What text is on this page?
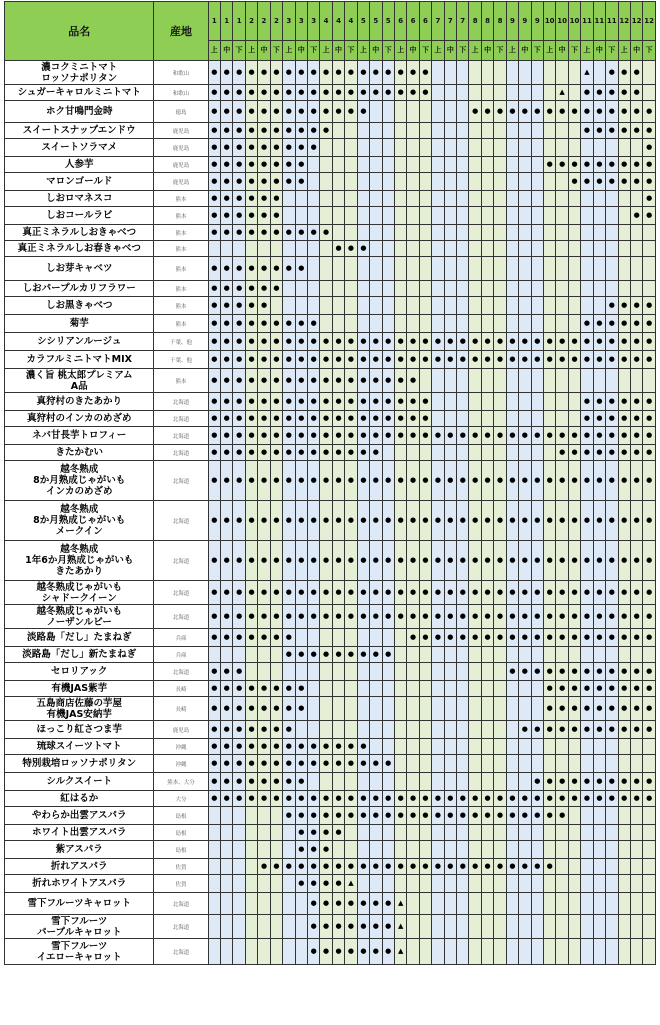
品名	産地	1	1	1	2	2	2	3	3	3	4	4	4	5	5	5	6	6	6	7	7	7	8	8	8	9	9	9	10	10	10	11	11	11	12	12	12
		上	中	下	上	中	下	上	中	下	上	中	下	上	中	下	上	中	下	上	中	下	上	中	下	上	中	下	上	中	下	上	中	下	上	中	下
濃コクミニトマト
ロッソナポリタン	和歌山	●	●	●	●	●	●	●	●	●	●	●	●	●	●	●	●	●	●													▲		●	●	●	
シュガーキャロルミニトマト	和歌山	●	●	●	●	●	●	●	●	●	●	●	●	●	●	●	●	●	●											▲		●	●	●	●	●	
ホク甘鳴門金時	徳島	●	●	●	●	●	●	●	●	●	●	●	●	●									●	●	●	●	●	●	●	●	●	●	●	●	●	●	●
スイートスナップエンドウ	鹿児島	●	●	●	●	●	●	●	●	●	●																					●	●	●	●	●	●
スイートソラマメ	鹿児島	●	●	●	●	●	●	●	●	●																											●
人参芋	鹿児島	●	●	●	●	●	●	●	●																				●	●	●	●	●	●	●	●	●
マロンゴールド	鹿児島	●	●	●	●	●	●	●	●																						●	●	●	●	●	●	●
しおロマネスコ	熊本	●	●	●	●	●	●																														●
しおコールラビ	熊本	●	●	●	●	●	●																													●	●
真正ミネラルしおきゃべつ	熊本	●	●	●	●	●	●	●	●	●	●																										
真正ミネラルしお春きゃべつ	熊本											●	●	●																							
しお芽キャベツ	熊本	●	●	●	●	●	●	●	●																												
しおパープルカリフラワー	熊本	●	●	●	●	●	●																														
しお黒きゃべつ	熊本	●	●	●	●	●																												●	●	●	●
菊芋	熊本	●	●	●	●	●	●	●	●	●																						●	●	●	●	●	●
シシリアンルージュ	千葉、他	●	●	●	●	●	●	●	●	●	●	●	●	●	●	●	●	●	●	●	●	●	●	●	●	●	●	●	●	●	●	●	●	●	●	●	●
カラフルミニトマトMIX	千葉、他	●	●	●	●	●	●	●	●	●	●	●	●	●	●	●	●	●	●	●	●	●	●	●	●	●	●	●	●	●	●	●	●	●	●	●	●
濃く旨 桃太郎プレミアム
A品	熊本	●	●	●	●	●	●	●	●	●	●	●	●	●	●	●	●	●																			
真狩村のきたあかり	北海道	●	●	●	●	●	●	●	●	●	●	●	●	●	●	●	●	●	●													●	●	●	●	●	●
真狩村のインカのめざめ	北海道	●	●	●	●	●	●	●	●	●	●	●	●	●	●	●	●	●	●													●	●	●	●	●	●
ネバ甘長芋トロフィー	北海道	●	●	●	●	●	●	●	●	●	●	●	●	●	●	●	●	●	●	●	●	●	●	●	●	●	●	●	●	●	●	●	●	●	●	●	●
きたかむい	北海道	●	●	●	●	●	●	●	●	●	●	●	●	●	●															●	●	●	●	●	●	●	●
越冬熟成
8か月熟成じゃがいも
インカのめざめ	北海道	●	●	●	●	●	●	●	●	●	●	●	●	●	●	●	●	●	●	●	●	●	●	●	●	●	●	●	●	●	●	●	●	●	●	●	●
越冬熟成
8か月熟成じゃがいも
メークイン	北海道	●	●	●	●	●	●	●	●	●	●	●	●	●	●	●	●	●	●	●	●	●	●	●	●	●	●	●	●	●	●	●	●	●	●	●	●
越冬熟成
1年6か月熟成じゃがいも
きたあかり	北海道	●	●	●	●	●	●	●	●	●	●	●	●	●	●	●	●	●	●	●	●	●	●	●	●	●	●	●	●	●	●	●	●	●	●	●	●
越冬熟成じゃがいも
シャドークイーン	北海道	●	●	●	●	●	●	●	●	●	●	●	●	●	●	●	●	●	●	●	●	●	●	●	●	●	●	●	●	●	●	●	●	●	●	●	●
越冬熟成じゃがいも
ノーザンルビー	北海道	●	●	●	●	●	●	●	●	●	●	●	●	●	●	●	●	●	●	●	●	●	●	●	●	●	●	●	●	●	●	●	●	●	●	●	●
淡路島「だし」たまねぎ	兵庫	●	●	●	●	●	●	●										●	●	●	●	●	●	●	●	●	●	●	●	●	●	●	●	●	●	●	●
淡路島「だし」新たまねぎ	兵庫							●	●	●	●	●	●	●	●	●																					
セロリアック	北海道	●	●	●																						●	●	●	●	●	●	●	●	●	●	●	●
有機JAS紫芋	長崎	●	●	●	●	●	●	●	●																				●	●	●	●	●	●	●	●	●
五島商店佐藤の芋屋
有機JAS安納芋	長崎	●	●	●	●	●	●	●	●																				●	●	●	●	●	●	●	●	●
ほっこり紅さつま芋	鹿児島	●	●	●	●	●	●	●																			●	●	●	●	●	●	●	●	●	●	●
琉球スイーツトマト	沖縄	●	●	●	●	●	●	●	●	●	●	●	●	●																							
特別栽培ロッソナポリタン	沖縄	●	●	●	●	●	●	●	●	●	●	●	●	●	●	●																					
シルクスイート	熊本、大分	●	●	●	●	●	●	●	●																			●	●	●	●	●	●	●	●	●	●
紅はるか	大分	●	●	●	●	●	●	●	●	●	●	●	●	●	●	●	●	●	●	●	●	●	●	●	●	●	●	●	●	●	●	●	●	●	●	●	●
やわらか出雲アスパラ	島根							●	●	●	●	●	●	●	●	●	●	●	●	●	●	●	●	●	●	●	●	●	●	●							
ホワイト出雲アスパラ	島根								●	●	●	●																									
紫アスパラ	島根								●	●	●																										
折れアスパラ	佐賀					●	●	●	●	●	●	●	●	●	●	●	●	●	●	●	●	●	●	●	●	●	●	●	●								
折れホワイトアスパラ	佐賀								●	●	●	●	▲																								
雪下フルーツキャロット	北海道									●	●	●	●	●	●	●	▲																				
雪下フルーツ
パープルキャロット	北海道									●	●	●	●	●	●	●	▲																				
雪下フルーツ
イエローキャロット	北海道									●	●	●	●	●	●	●	▲																				
